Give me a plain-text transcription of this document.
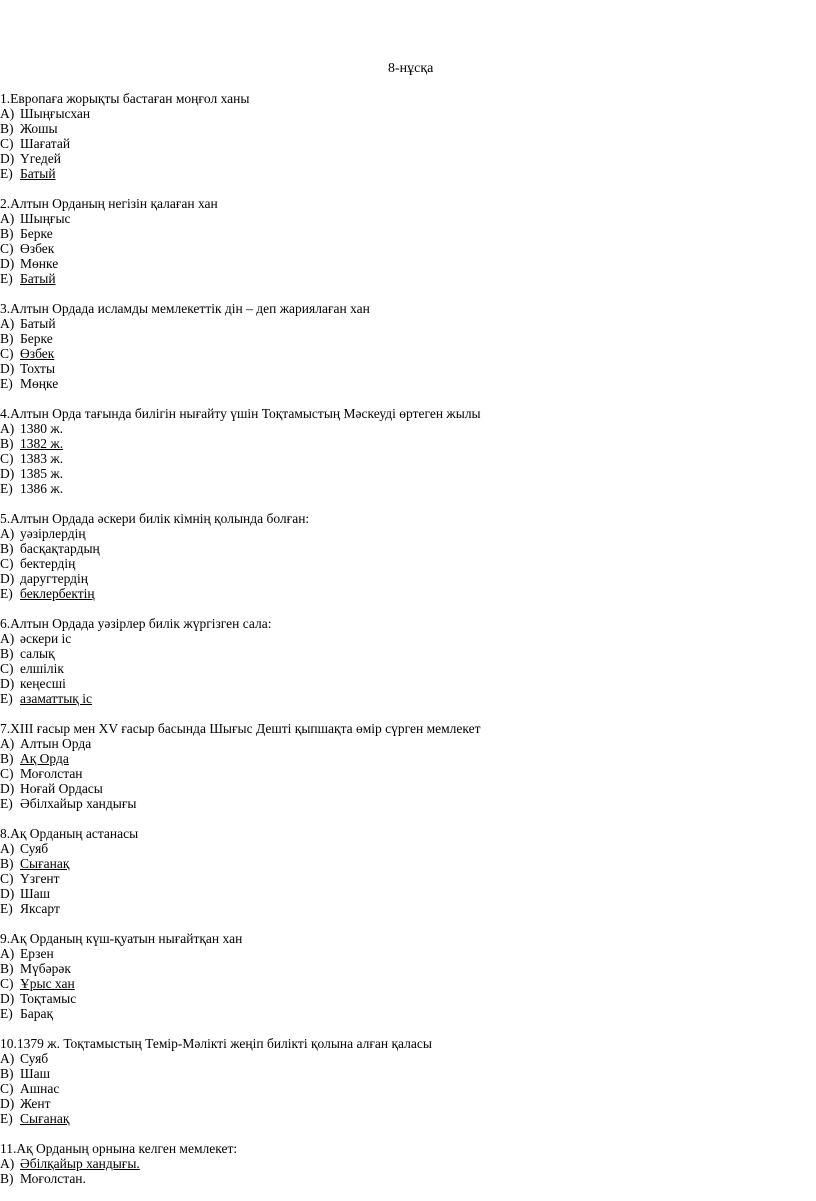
8-нұсқа
1.Европаға жорықты бастаған моңғол ханы
A) Шыңғысхан
B) Жошы
C) Шағатай
D) Үгедей
E) Батый
2.Алтын Орданың негізін қалаған хан
A) Шыңғыс
B) Берке
C) Өзбек
D) Мөнке
E) Батый
3.Алтын Ордада исламды мемлекеттік дін – деп жариялаған хан
A) Батый
B) Берке
C) Өзбек
D) Тохты
E) Мөңке
4.Алтын Орда тағында билігін нығайту үшін Тоқтамыстың Мәскеуді өртеген жылы
A) 1380 ж.
B) 1382 ж.
C) 1383 ж.
D) 1385 ж.
E) 1386 ж.
5.Алтын Ордада әскери билік кімнің қолында болған:
A) уәзірлердің
B) басқақтардың
C) бектердің
D) даругтердің
E) беклербектің
6.Алтын Ордада уәзірлер билік жүргізген сала:
A) әскери іс
B) салық
C) елшілік
D) кеңесші
E) азаматтық іс
7.XIII ғасыр мен XV ғасыр басында Шығыс Дешті қыпшақта өмір сүрген мемлекет
A) Алтын Орда
B) Ақ Орда
C) Моғолстан
D) Ноғай Ордасы
E) Әбілхайыр хандығы
8.Ақ Орданың астанасы
A) Суяб
B) Сығанақ
C) Үзгент
D) Шаш
E) Яксарт
9.Ақ Орданың күш-қуатын нығайтқан хан
A) Ерзен
B) Мүбәрәк
C) Ұрыс хан
D) Тоқтамыс
E) Барақ
10.1379 ж. Тоқтамыстың Темір-Мәлікті жеңіп билікті қолына алған қаласы
A) Суяб
B) Шаш
C) Ашнас
D) Жент
E) Сығанақ
11.Ақ Орданың орнына келген мемлекет:
A) Әбілқайыр хандығы.
B) Моғолстан.
